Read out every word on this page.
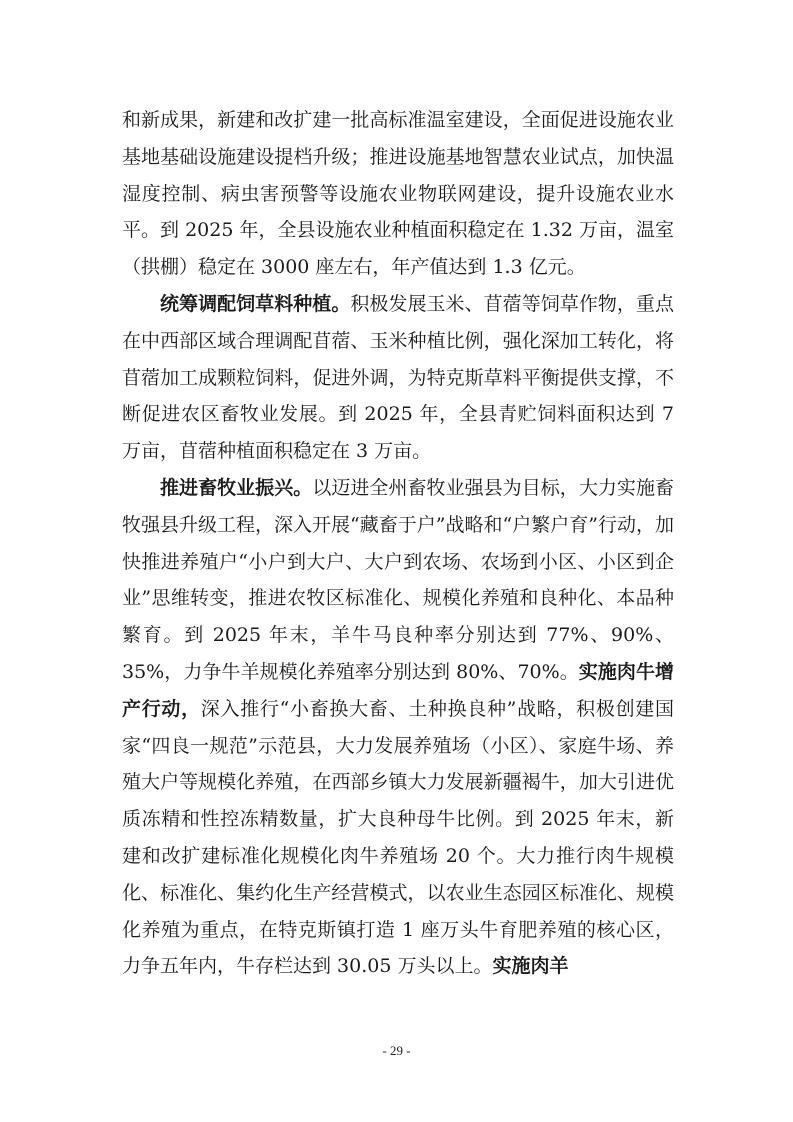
和新成果，新建和改扩建一批高标准温室建设，全面促进设施农业基地基础设施建设提档升级；推进设施基地智慧农业试点，加快温湿度控制、病虫害预警等设施农业物联网建设，提升设施农业水平。到 2025 年，全县设施农业种植面积稳定在 1.32 万亩，温室（拱棚）稳定在 3000 座左右，年产值达到 1.3 亿元。

统筹调配饲草料种植。积极发展玉米、苜蓿等饲草作物，重点在中西部区域合理调配苜蓿、玉米种植比例，强化深加工转化，将苜蓿加工成颗粒饲料，促进外调，为特克斯草料平衡提供支撑，不断促进农区畜牧业发展。到 2025 年，全县青贮饲料面积达到 7 万亩，苜蓿种植面积稳定在 3 万亩。

推进畜牧业振兴。以迈进全州畜牧业强县为目标，大力实施畜牧强县升级工程，深入开展“藏畜于户”战略和“户繁户育”行动，加快推进养殖户“小户到大户、大户到农场、农场到小区、小区到企业”思维转变，推进农牧区标准化、规模化养殖和良种化、本品种繁育。到 2025 年末，羊牛马良种率分别达到 77%、90%、35%，力争牛羊规模化养殖率分别达到 80%、70%。实施肉牛增产行动，深入推行“小畜换大畜、土种换良种”战略，积极创建国家“四良一规范”示范县，大力发展养殖场（小区）、家庭牛场、养殖大户等规模化养殖，在西部乡镇大力发展新疆褐牛，加大引进优质冻精和性控冻精数量，扩大良种母牛比例。到 2025 年末，新建和改扩建标准化规模化肉牛养殖场 20 个。大力推行肉牛规模化、标准化、集约化生产经营模式，以农业生态园区标准化、规模化养殖为重点，在特克斯镇打造 1 座万头牛育肥养殖的核心区，力争五年内，牛存栏达到 30.05 万头以上。实施肉羊

- 29 -
